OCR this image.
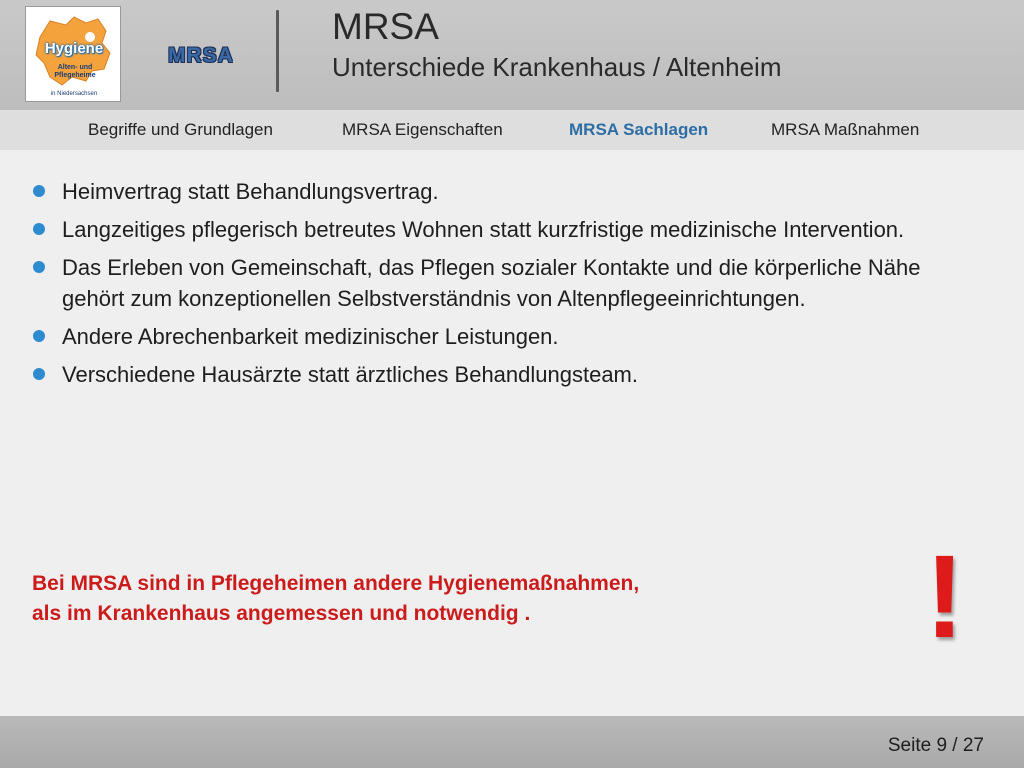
Hygiene
Alten- und
Pflegeheime
in Niedersachsen
MRSA
MRSA
Unterschiede Krankenhaus / Altenheim
Begriffe und Grundlagen	MRSA Eigenschaften	MRSA Sachlagen	MRSA Maßnahmen
Heimvertrag statt Behandlungsvertrag.
Langzeitiges pflegerisch betreutes Wohnen statt kurzfristige medizinische Intervention.
Das Erleben von Gemeinschaft, das Pflegen sozialer Kontakte und die körperliche Nähe gehört zum konzeptionellen Selbstverständnis von Altenpflegeeinrichtungen.
Andere Abrechenbarkeit medizinischer Leistungen.
Verschiedene Hausärzte statt ärztliches Behandlungsteam.
Bei MRSA sind in Pflegeheimen andere Hygienemaßnahmen,
als im Krankenhaus angemessen und notwendig .	!
Seite 9 / 27
